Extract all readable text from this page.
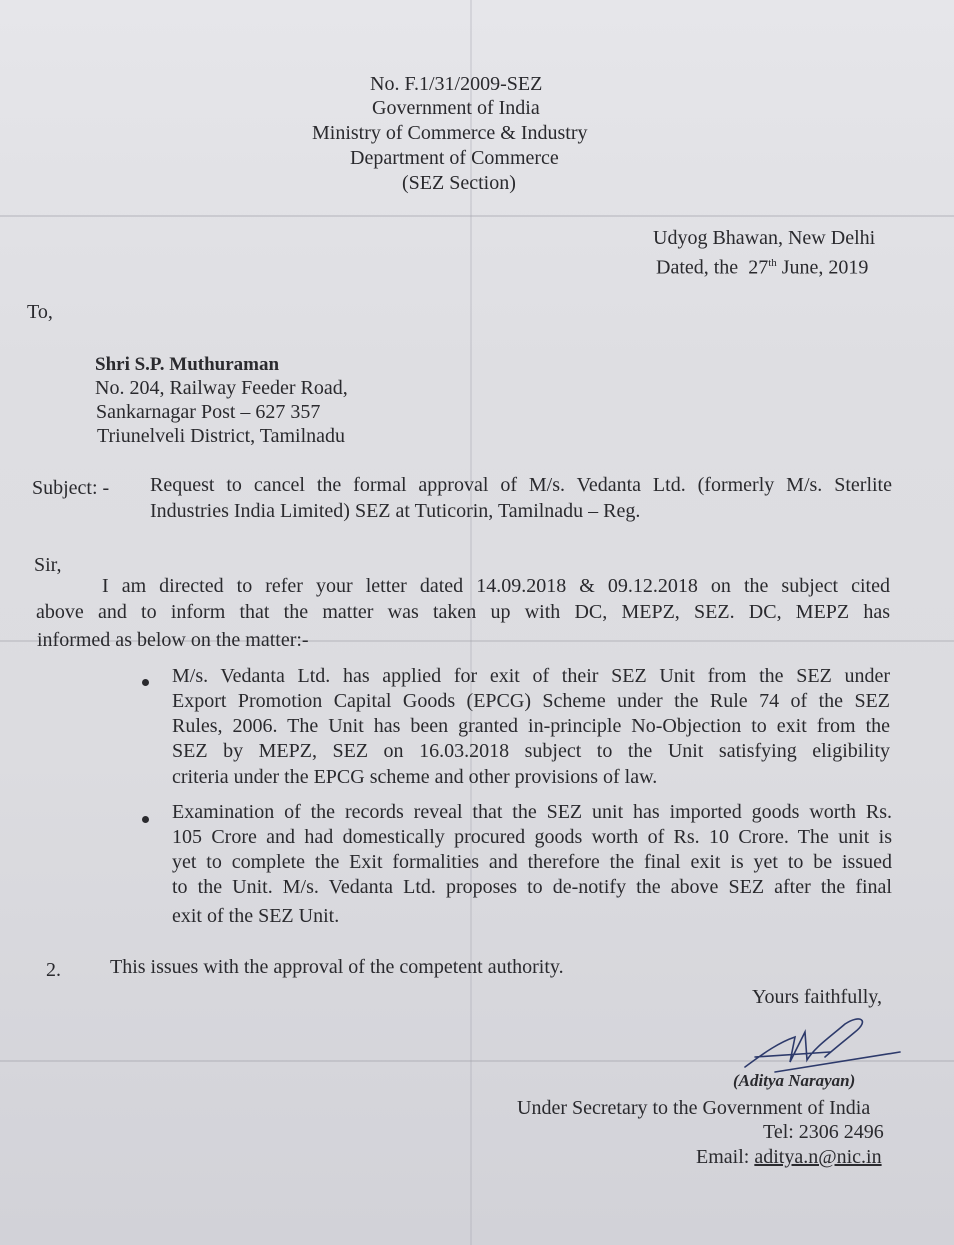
No. F.1/31/2009-SEZ
Government of India
Ministry of Commerce & Industry
Department of Commerce
(SEZ Section)
Udyog Bhawan, New Delhi
Dated, the 27th June, 2019
To,
Shri S.P. Muthuraman
No. 204, Railway Feeder Road,
Sankarnagar Post – 627 357
Triunelveli District, Tamilnadu
Subject: - Request to cancel the formal approval of M/s. Vedanta Ltd. (formerly M/s. Sterlite
Industries India Limited) SEZ at Tuticorin, Tamilnadu – Reg.
Sir,
I am directed to refer your letter dated 14.09.2018 & 09.12.2018 on the subject cited
above and to inform that the matter was taken up with DC, MEPZ, SEZ. DC, MEPZ has
informed as below on the matter:-
M/s. Vedanta Ltd. has applied for exit of their SEZ Unit from the SEZ under
Export Promotion Capital Goods (EPCG) Scheme under the Rule 74 of the SEZ
Rules, 2006. The Unit has been granted in-principle No-Objection to exit from the
SEZ by MEPZ, SEZ on 16.03.2018 subject to the Unit satisfying eligibility
criteria under the EPCG scheme and other provisions of law.
Examination of the records reveal that the SEZ unit has imported goods worth Rs.
105 Crore and had domestically procured goods worth of Rs. 10 Crore. The unit is
yet to complete the Exit formalities and therefore the final exit is yet to be issued
to the Unit. M/s. Vedanta Ltd. proposes to de-notify the above SEZ after the final
exit of the SEZ Unit.
2. This issues with the approval of the competent authority.
Yours faithfully,
(Aditya Narayan)
Under Secretary to the Government of India
Tel: 2306 2496
Email: aditya.n@nic.in
